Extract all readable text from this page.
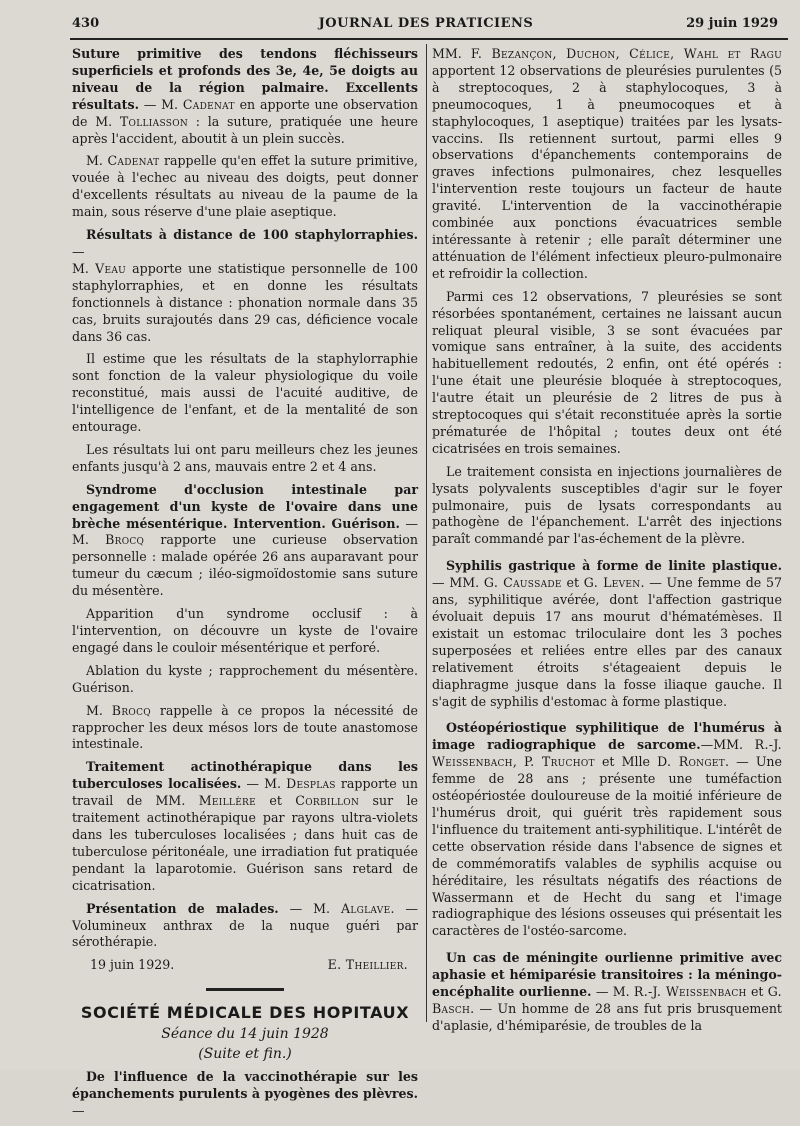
430	JOURNAL DES PRATICIENS	29 juin 1929

Suture primitive des tendons fléchisseurs superficiels et profonds des 3e, 4e, 5e doigts au niveau de la région palmaire. Excellents résultats. — M. Cadenat en apporte une observation de M. Tolliasson : la suture, pratiquée une heure après l'accident, aboutit à un plein succès.

M. Cadenat rappelle qu'en effet la suture primitive, vouée à l'echec au niveau des doigts, peut donner d'excellents résultats au niveau de la paume de la main, sous réserve d'une plaie aseptique.

Résultats à distance de 100 staphylorraphies. —

M. Veau apporte une statistique personnelle de 100 staphylorraphies, et en donne les résultats fonctionnels à distance : phonation normale dans 35 cas, bruits surajoutés dans 29 cas, déficience vocale dans 36 cas.

Il estime que les résultats de la staphylorraphie sont fonction de la valeur physiologique du voile reconstitué, mais aussi de l'acuité auditive, de l'intelligence de l'enfant, et de la mentalité de son entourage.

Les résultats lui ont paru meilleurs chez les jeunes enfants jusqu'à 2 ans, mauvais entre 2 et 4 ans.

Syndrome d'occlusion intestinale par engagement d'un kyste de l'ovaire dans une brèche mésentérique. Intervention. Guérison. — M. Brocq rapporte une curieuse observation personnelle : malade opérée 26 ans auparavant pour tumeur du cæcum ; iléo-sigmoïdostomie sans suture du mésentère.

Apparition d'un syndrome occlusif : à l'intervention, on découvre un kyste de l'ovaire engagé dans le couloir mésentérique et perforé.

Ablation du kyste ; rapprochement du mésentère. Guérison.

M. Brocq rappelle à ce propos la nécessité de rapprocher les deux mésos lors de toute anastomose intestinale.

Traitement actinothérapique dans les tuberculoses localisées. — M. Desplas rapporte un travail de MM. Meillère et Corbillon sur le traitement actinothérapique par rayons ultra-violets dans les tuberculoses localisées ; dans huit cas de tuberculose péritonéale, une irradiation fut pratiquée pendant la laparotomie. Guérison sans retard de cicatrisation.

Présentation de malades. — M. Alglave. — Volumineux anthrax de la nuque guéri par sérothérapie.

19 juin 1929.	E. Theillier.
SOCIÉTÉ MÉDICALE DES HOPITAUX
Séance du 14 juin 1928
(Suite et fin.)

De l'influence de la vaccinothérapie sur les épanchements purulents à pyogènes des plèvres. —

MM. F. Bezançon, Duchon, Célice, Wahl et Ragu apportent 12 observations de pleurésies purulentes (5 à streptocoques, 2 à staphylocoques, 3 à pneumocoques, 1 à pneumocoques et à staphylocoques, 1 aseptique) traitées par les lysats-vaccins. Ils retiennent surtout, parmi elles 9 observations d'épanchements contemporains de graves infections pulmonaires, chez lesquelles l'intervention reste toujours un facteur de haute gravité. L'intervention de la vaccinothérapie combinée aux ponctions évacuatrices semble intéressante à retenir ; elle paraît déterminer une atténuation de l'élément infectieux pleuro-pulmonaire et refroidir la collection.

Parmi ces 12 observations, 7 pleurésies se sont résorbées spontanément, certaines ne laissant aucun reliquat pleural visible, 3 se sont évacuées par vomique sans entraîner, à la suite, des accidents habituellement redoutés, 2 enfin, ont été opérés : l'une était une pleurésie bloquée à streptocoques, l'autre était un pleurésie de 2 litres de pus à streptocoques qui s'était reconstituée après la sortie prématurée de l'hôpital ; toutes deux ont été cicatrisées en trois semaines.

Le traitement consista en injections journalières de lysats polyvalents susceptibles d'agir sur le foyer pulmonaire, puis de lysats correspondants au pathogène de l'épanchement. L'arrêt des injections paraît commandé par l'as-échement de la plèvre.

Syphilis gastrique à forme de linite plastique. — MM. G. Caussade et G. Leven. — Une femme de 57 ans, syphilitique avérée, dont l'affection gastrique évoluait depuis 17 ans mourut d'hématémèses. Il existait un estomac triloculaire dont les 3 poches superposées et reliées entre elles par des canaux relativement étroits s'étageaient depuis le diaphragme jusque dans la fosse iliaque gauche. Il s'agit de syphilis d'estomac à forme plastique.

Ostéopériostique syphilitique de l'humérus à image radiographique de sarcome.—MM. R.-J. Weissenbach, P. Truchot et Mlle D. Ronget. — Une femme de 28 ans ; présente une tuméfaction ostéopériostée douloureuse de la moitié inférieure de l'humérus droit, qui guérit très rapidement sous l'influence du traitement anti-syphilitique. L'intérêt de cette observation réside dans l'absence de signes et de commémoratifs valables de syphilis acquise ou héréditaire, les résultats négatifs des réactions de Wassermann et de Hecht du sang et l'image radiographique des lésions osseuses qui présentait les caractères de l'ostéo-sarcome.

Un cas de méningite ourlienne primitive avec aphasie et hémiparésie transitoires : la méningo-encéphalite ourlienne. — M. R.-J. Weissenbach et G. Basch. — Un homme de 28 ans fut pris brusquement d'aplasie, d'hémiparésie, de troubles de la
